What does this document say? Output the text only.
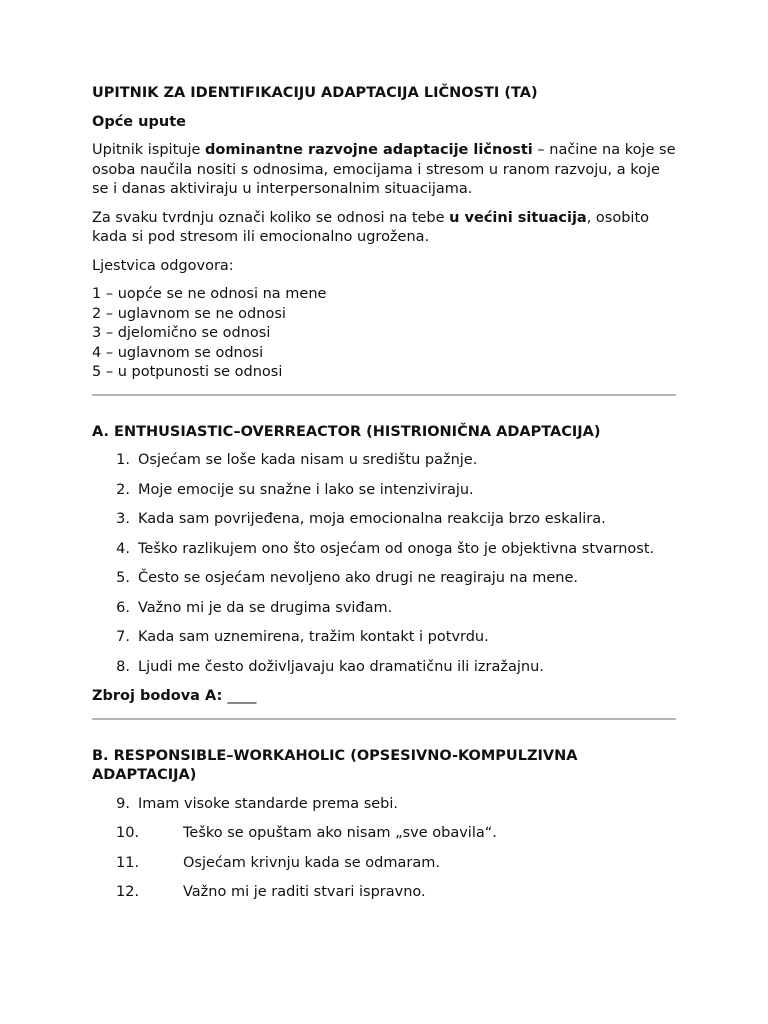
UPITNIK ZA IDENTIFIKACIJU ADAPTACIJA LIČNOSTI (TA)
Opće upute

Upitnik ispituje dominantne razvojne adaptacije ličnosti – načine na koje se osoba naučila nositi s odnosima, emocijama i stresom u ranom razvoju, a koje se i danas aktiviraju u interpersonalnim situacijama.

Za svaku tvrdnju označi koliko se odnosi na tebe u većini situacija, osobito kada si pod stresom ili emocionalno ugrožena.

Ljestvica odgovora:

1 – uopće se ne odnosi na mene
2 – uglavnom se ne odnosi
3 – djelomično se odnosi
4 – uglavnom se odnosi
5 – u potpunosti se odnosi
A. ENTHUSIASTIC–OVERREACTOR (HISTRIONIČNA ADAPTACIJA)
1. Osjećam se loše kada nisam u središtu pažnje.
2. Moje emocije su snažne i lako se intenziviraju.
3. Kada sam povrijeđena, moja emocionalna reakcija brzo eskalira.
4. Teško razlikujem ono što osjećam od onoga što je objektivna stvarnost.
5. Često se osjećam nevoljeno ako drugi ne reagiraju na mene.
6. Važno mi je da se drugima sviđam.
7. Kada sam uznemirena, tražim kontakt i potvrdu.
8. Ljudi me često doživljavaju kao dramatičnu ili izražajnu.
Zbroj bodova A: ____
B. RESPONSIBLE–WORKAHOLIC (OPSESIVNO-KOMPULZIVNA ADAPTACIJA)
9. Imam visoke standarde prema sebi.
10.	Teško se opuštam ako nisam „sve obavila“.
11.	Osjećam krivnju kada se odmaram.
12.	Važno mi je raditi stvari ispravno.
